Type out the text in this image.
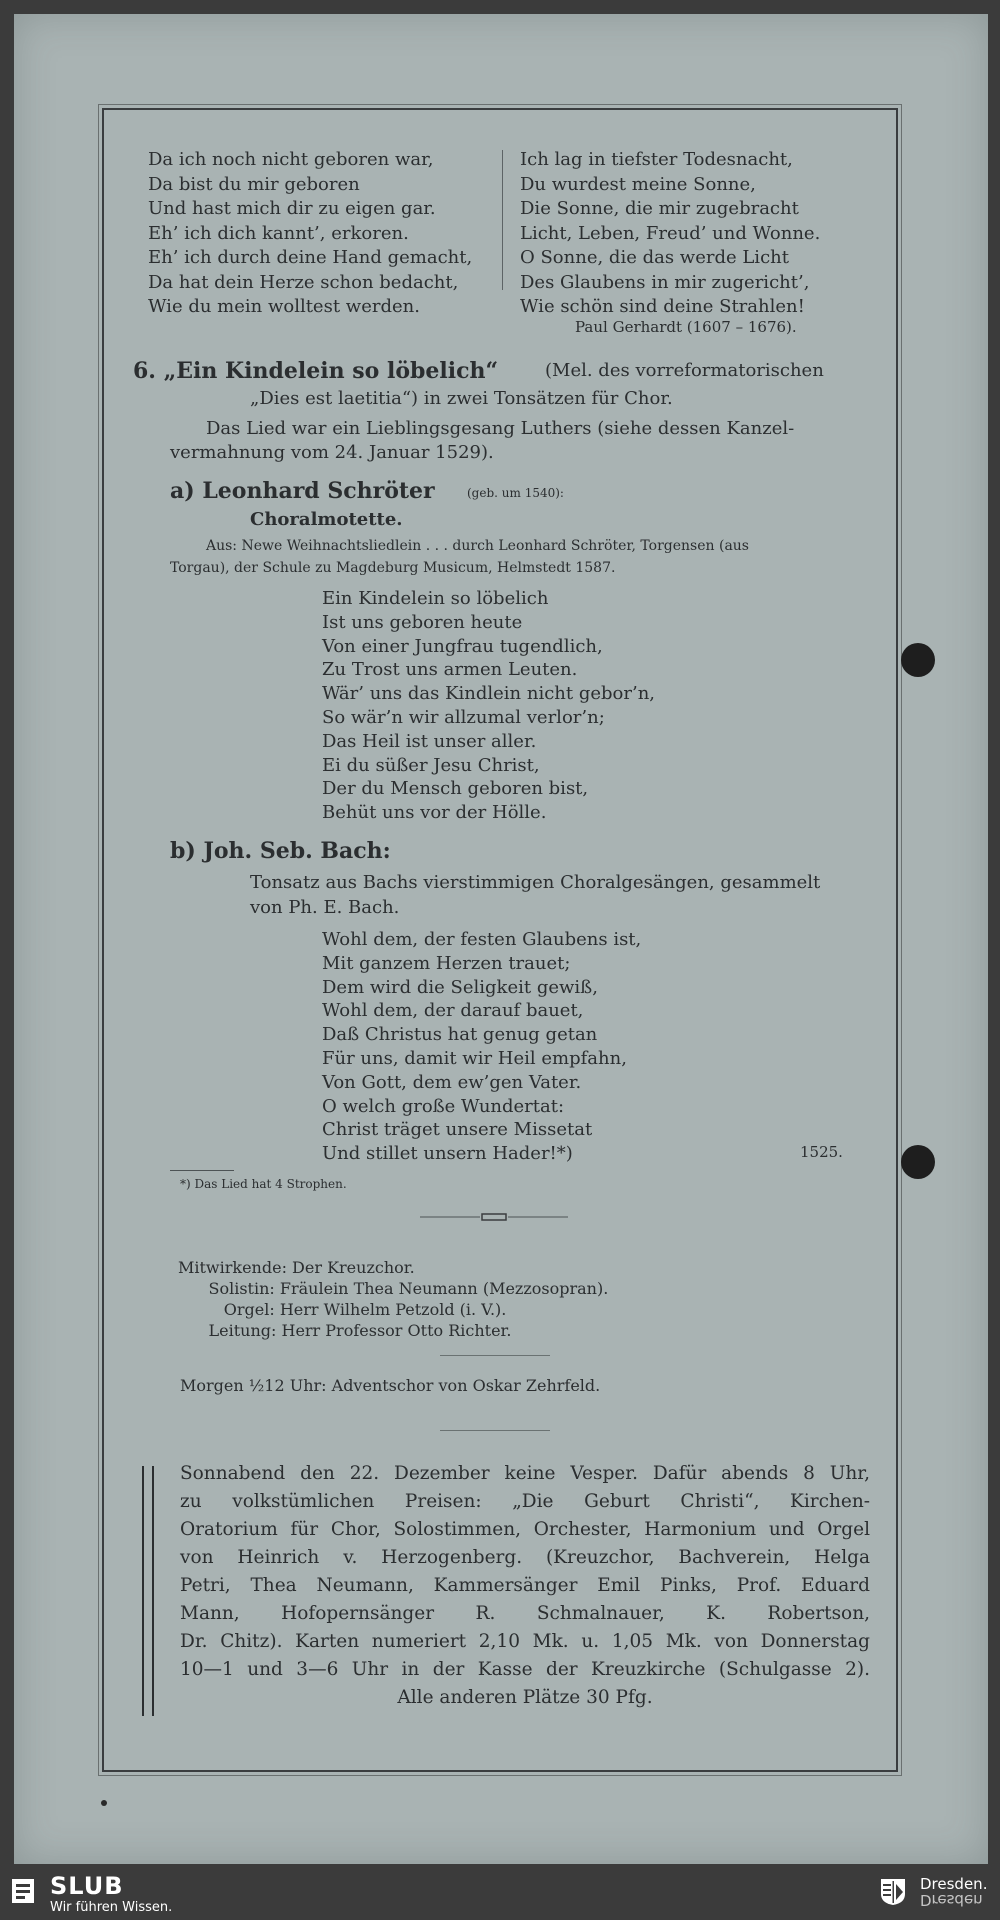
Da ich noch nicht geboren war,
Da bist du mir geboren
Und hast mich dir zu eigen gar.
Eh’ ich dich kannt’, erkoren.
Eh’ ich durch deine Hand gemacht,
Da hat dein Herze schon bedacht,
Wie du mein wolltest werden.
Ich lag in tiefster Todesnacht,
Du wurdest meine Sonne,
Die Sonne, die mir zugebracht
Licht, Leben, Freud’ und Wonne.
O Sonne, die das werde Licht
Des Glaubens in mir zugericht’,
Wie schön sind deine Strahlen!
Paul Gerhardt (1607 – 1676).
6. „Ein Kindelein so löbelich“	(Mel. des vorreformatorischen
„Dies est laetitia“) in zwei Tonsätzen für Chor.
Das Lied war ein Lieblingsgesang Luthers (siehe dessen Kanzel-
vermahnung vom 24. Januar 1529).
a) Leonhard Schröter	(geb. um 1540):
Choralmotette.
Aus: Newe Weihnachtsliedlein . . . durch Leonhard Schröter, Torgensen (aus
Torgau), der Schule zu Magdeburg Musicum, Helmstedt 1587.
Ein Kindelein so löbelich
Ist uns geboren heute
Von einer Jungfrau tugendlich,
Zu Trost uns armen Leuten.
Wär’ uns das Kindlein nicht gebor’n,
So wär’n wir allzumal verlor’n;
Das Heil ist unser aller.
Ei du süßer Jesu Christ,
Der du Mensch geboren bist,
Behüt uns vor der Hölle.
b) Joh. Seb. Bach:
Tonsatz aus Bachs vierstimmigen Choralgesängen, gesammelt
von Ph. E. Bach.
Wohl dem, der festen Glaubens ist,
Mit ganzem Herzen trauet;
Dem wird die Seligkeit gewiß,
Wohl dem, der darauf bauet,
Daß Christus hat genug getan
Für uns, damit wir Heil empfahn,
Von Gott, dem ew’gen Vater.
O welch große Wundertat:
Christ träget unsere Missetat
Und stillet unsern Hader!*)	1525.
*) Das Lied hat 4 Strophen.
Mitwirkende: Der Kreuzchor.
Solistin: Fräulein Thea Neumann (Mezzosopran).
Orgel: Herr Wilhelm Petzold (i. V.).
Leitung: Herr Professor Otto Richter.
Morgen ½12 Uhr: Adventschor von Oskar Zehrfeld.
Sonnabend den 22. Dezember keine Vesper. Dafür abends 8 Uhr,
zu volkstümlichen Preisen: „Die Geburt Christi“, Kirchen-
Oratorium für Chor, Solostimmen, Orchester, Harmonium und Orgel
von Heinrich v. Herzogenberg. (Kreuzchor, Bachverein, Helga
Petri, Thea Neumann, Kammersänger Emil Pinks, Prof. Eduard
Mann, Hofopernsänger R. Schmalnauer, K. Robertson,
Dr. Chitz). Karten numeriert 2,10 Mk. u. 1,05 Mk. von Donnerstag
10—1 und 3—6 Uhr in der Kasse der Kreuzkirche (Schulgasse 2).
Alle anderen Plätze 30 Pfg.
SLUB
Wir führen Wissen.
Dresden.
Dresden
